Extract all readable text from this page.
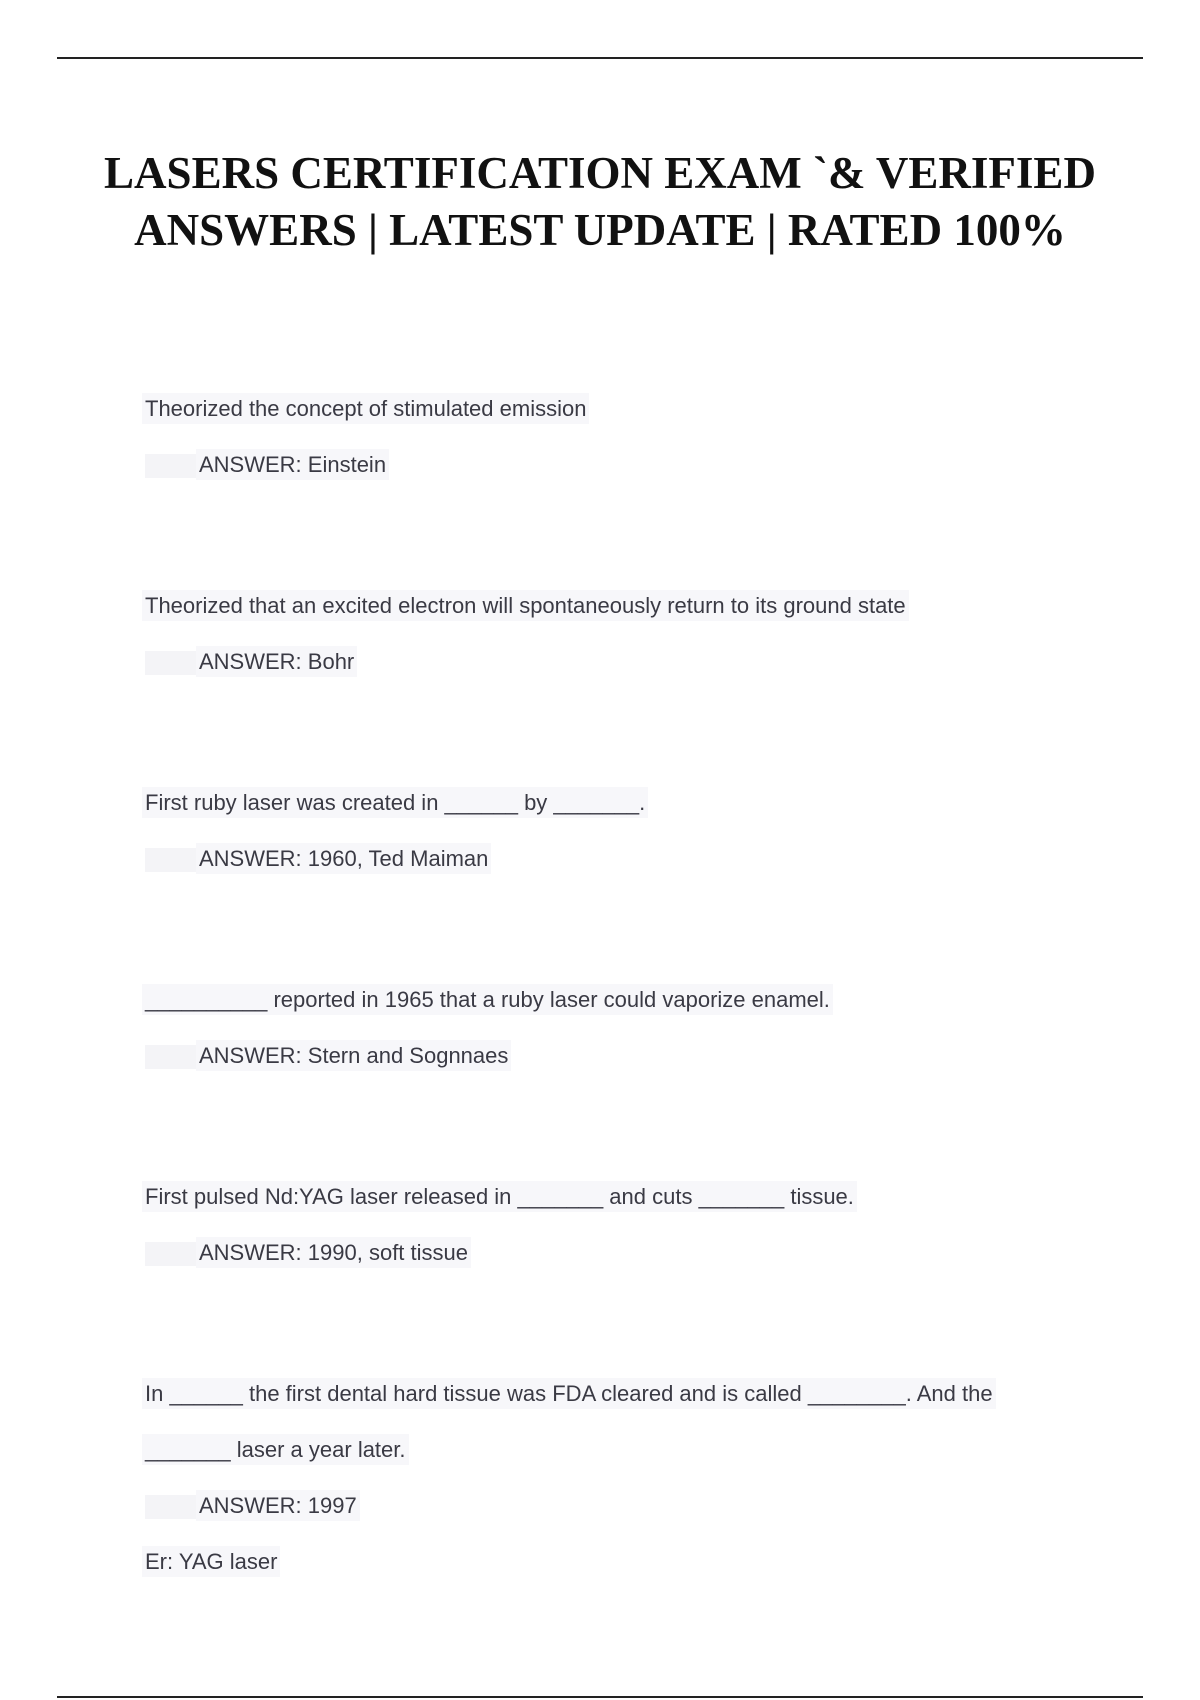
LASERS CERTIFICATION EXAM `& VERIFIED ANSWERS | LATEST UPDATE | RATED 100%

Theorized the concept of stimulated emission

ANSWER: Einstein

Theorized that an excited electron will spontaneously return to its ground state

ANSWER: Bohr

First ruby laser was created in ______ by _______.

ANSWER: 1960, Ted Maiman

__________ reported in 1965 that a ruby laser could vaporize enamel.

ANSWER: Stern and Sognnaes

First pulsed Nd:YAG laser released in _______ and cuts _______ tissue.

ANSWER: 1990, soft tissue

In ______ the first dental hard tissue was FDA cleared and is called ________. And the

_______ laser a year later.

ANSWER: 1997

Er: YAG laser
